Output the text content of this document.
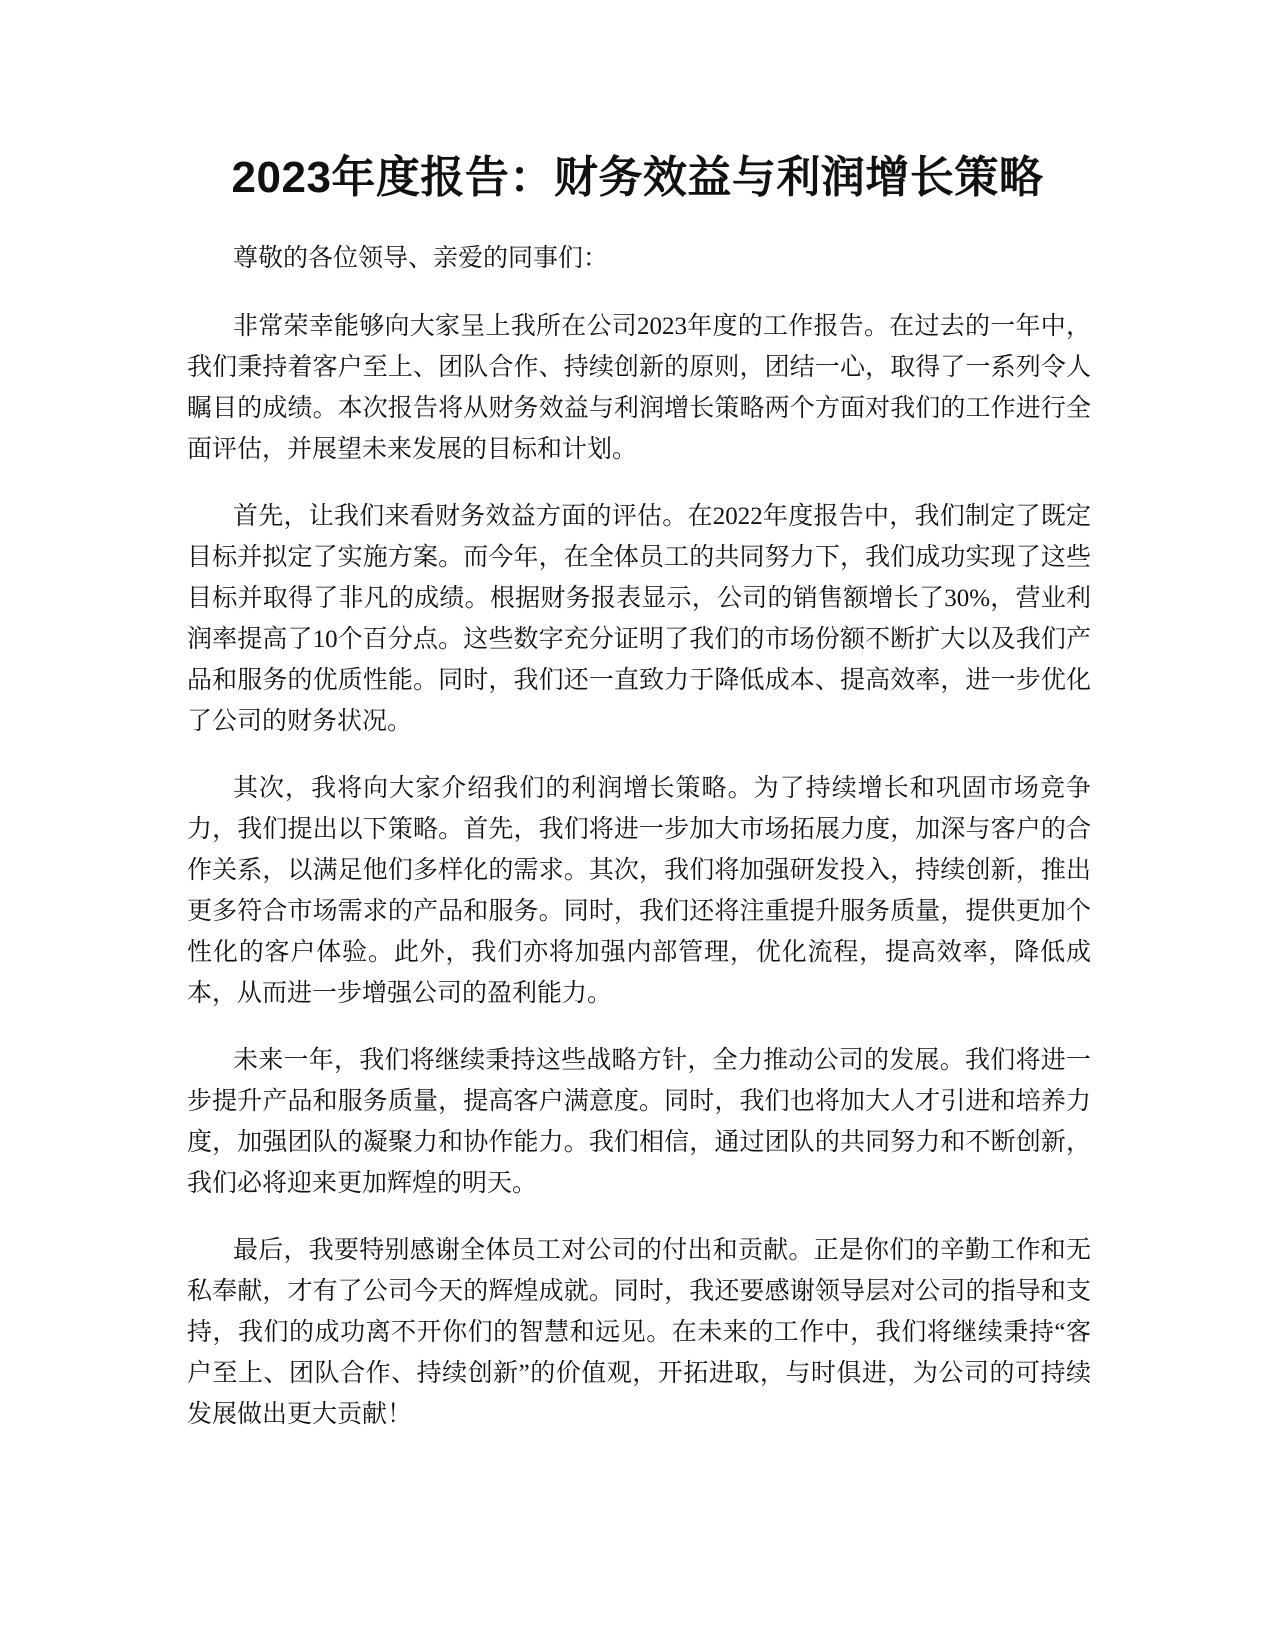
2023年度报告：财务效益与利润增长策略

尊敬的各位领导、亲爱的同事们：

非常荣幸能够向大家呈上我所在公司2023年度的工作报告。在过去的一年中，我们秉持着客户至上、团队合作、持续创新的原则，团结一心，取得了一系列令人瞩目的成绩。本次报告将从财务效益与利润增长策略两个方面对我们的工作进行全面评估，并展望未来发展的目标和计划。

首先，让我们来看财务效益方面的评估。在2022年度报告中，我们制定了既定目标并拟定了实施方案。而今年，在全体员工的共同努力下，我们成功实现了这些目标并取得了非凡的成绩。根据财务报表显示，公司的销售额增长了30%，营业利润率提高了10个百分点。这些数字充分证明了我们的市场份额不断扩大以及我们产品和服务的优质性能。同时，我们还一直致力于降低成本、提高效率，进一步优化了公司的财务状况。

其次，我将向大家介绍我们的利润增长策略。为了持续增长和巩固市场竞争力，我们提出以下策略。首先，我们将进一步加大市场拓展力度，加深与客户的合作关系，以满足他们多样化的需求。其次，我们将加强研发投入，持续创新，推出更多符合市场需求的产品和服务。同时，我们还将注重提升服务质量，提供更加个性化的客户体验。此外，我们亦将加强内部管理，优化流程，提高效率，降低成本，从而进一步增强公司的盈利能力。

未来一年，我们将继续秉持这些战略方针，全力推动公司的发展。我们将进一步提升产品和服务质量，提高客户满意度。同时，我们也将加大人才引进和培养力度，加强团队的凝聚力和协作能力。我们相信，通过团队的共同努力和不断创新，我们必将迎来更加辉煌的明天。

最后，我要特别感谢全体员工对公司的付出和贡献。正是你们的辛勤工作和无私奉献，才有了公司今天的辉煌成就。同时，我还要感谢领导层对公司的指导和支持，我们的成功离不开你们的智慧和远见。在未来的工作中，我们将继续秉持“客户至上、团队合作、持续创新”的价值观，开拓进取，与时俱进，为公司的可持续发展做出更大贡献！
